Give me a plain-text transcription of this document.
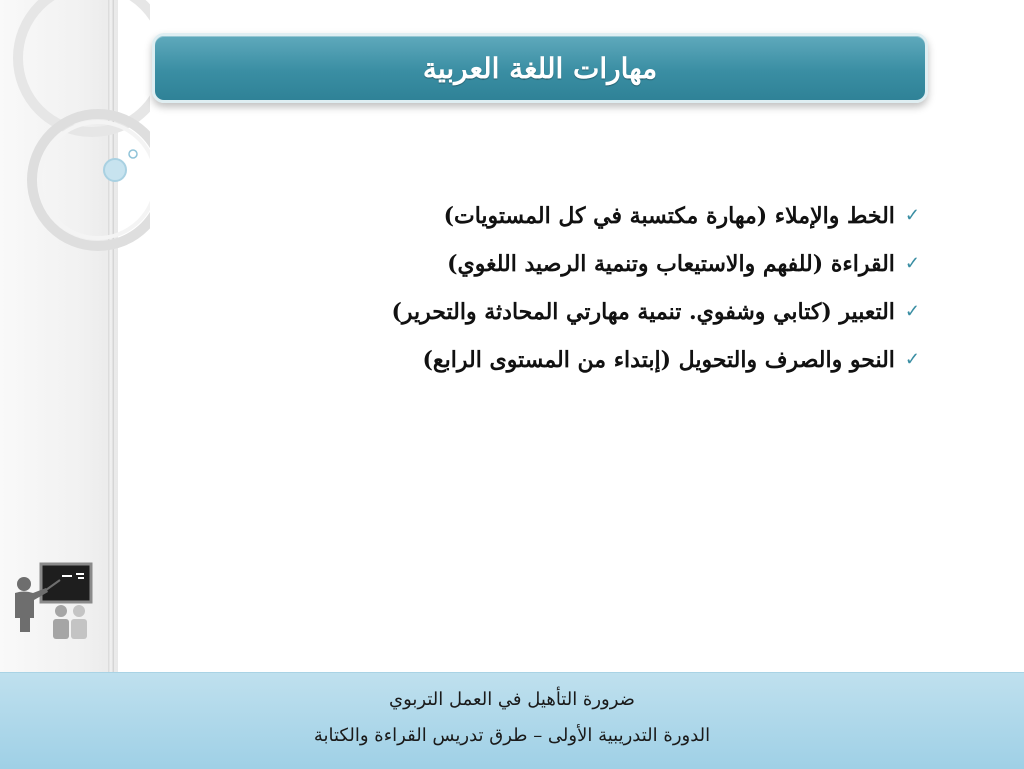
مهارات اللغة العربية
✓
الخط والإملاء (مهارة مكتسبة في كل المستويات)
✓
القراءة (للفهم والاستيعاب وتنمية الرصيد اللغوي)
✓
التعبير (كتابي وشفوي. تنمية مهارتي المحادثة والتحرير)
✓
النحو والصرف والتحويل (إبتداء من المستوى الرابع)
ضرورة التأهيل في العمل التربوي
الدورة التدريبية الأولى – طرق تدريس القراءة والكتابة
